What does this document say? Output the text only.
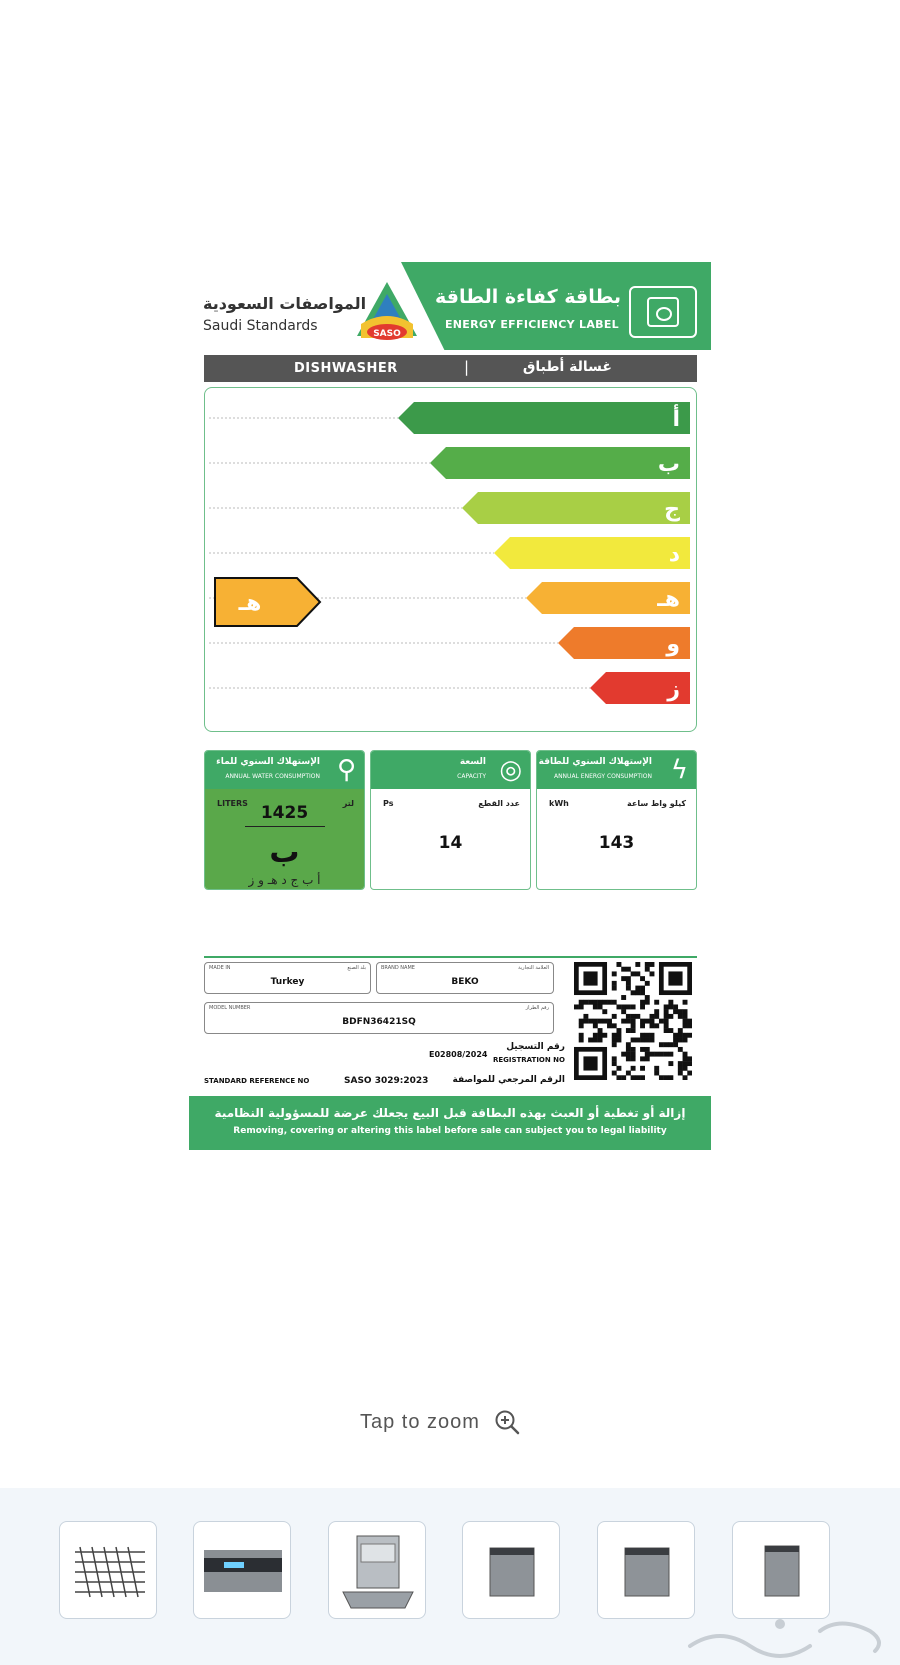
بطاقة كفاءة الطاقة
ENERGY EFFICIENCY LABEL
SASO
المواصفات السعودية
Saudi Standards
DISHWASHER	|	غسالة أطباق
أ
ب
ج
د
هـ
و
ز
هـ
الإستهلاك السنوي للماء
ANNUAL WATER CONSUMPTION ⚲
LITERS	لتر
1425
ب
أ ب ج د هـ و ز
السعة
CAPACITY ◎
Ps	عدد القطع
14
الإستهلاك السنوي للطاقة
ANNUAL ENERGY CONSUMPTION ϟ
kWh	كيلو واط ساعة
143
MADE IN	بلد الصنع
Turkey
BRAND NAME	العلامة التجارية
BEKO
MODEL NUMBER	رقم الطراز
BDFN36421SQ
رقم التسجيل
REGISTRATION NO
E02808/2024
STANDARD REFERENCE NO	SASO 3029:2023	الرقم المرجعي للمواصفة
إزالة أو تغطية أو العبث بهذه البطاقة قبل البيع يجعلك عرضة للمسؤولية النظامية
Removing, covering or altering this label before sale can subject you to legal liability
Tap to zoom
